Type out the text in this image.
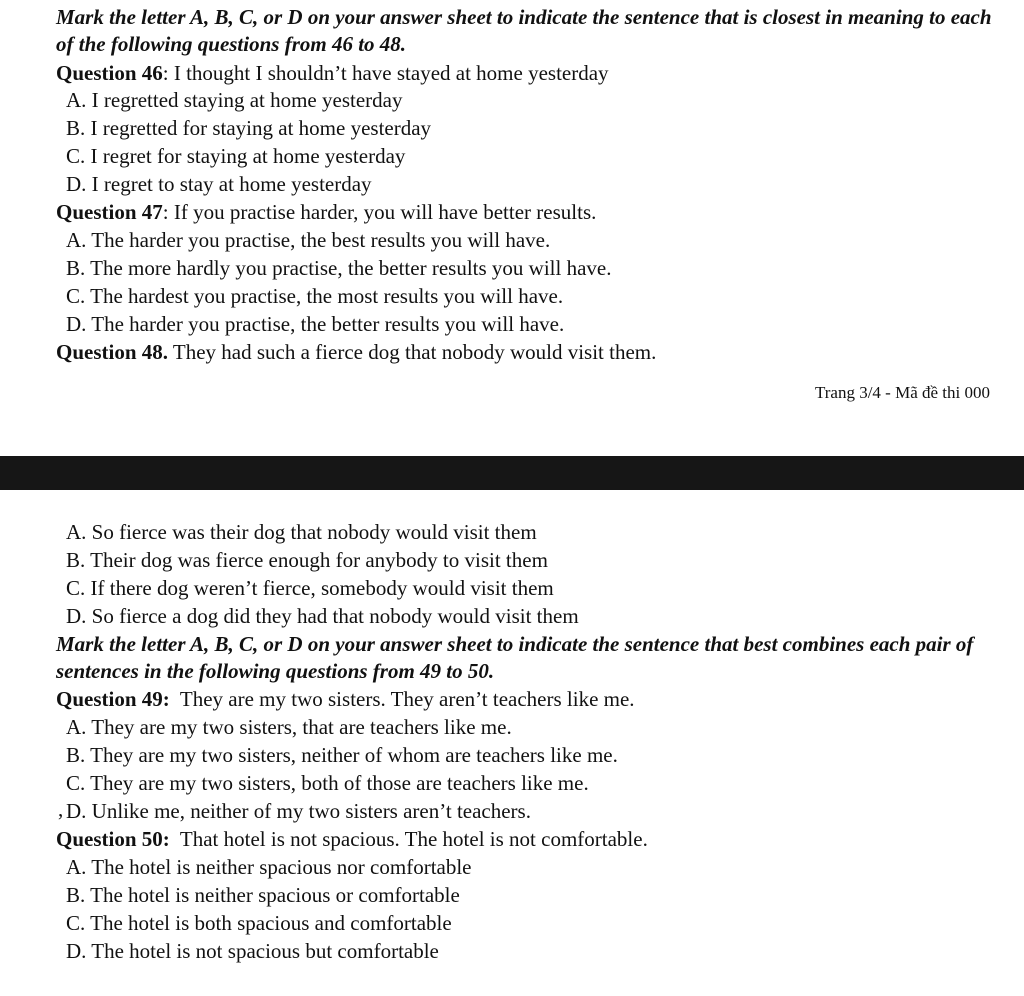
Mark the letter A, B, C, or D on your answer sheet to indicate the sentence that is closest in meaning to each of the following questions from 46 to 48.
Question 46: I thought I shouldn’t have stayed at home yesterday
A. I regretted staying at home yesterday
B. I regretted for staying at home yesterday
C. I regret for staying at home yesterday
D. I regret to stay at home yesterday
Question 47: If you practise harder, you will have better results.
A. The harder you practise, the best results you will have.
B. The more hardly you practise, the better results you will have.
C. The hardest you practise, the most results you will have.
D. The harder you practise, the better results you will have.
Question 48. They had such a fierce dog that nobody would visit them.
Trang 3/4 - Mã đề thi 000
A. So fierce was their dog that nobody would visit them
B. Their dog was fierce enough for anybody to visit them
C. If there dog weren’t fierce, somebody would visit them
D. So fierce a dog did they had that nobody would visit them
Mark the letter A, B, C, or D on your answer sheet to indicate the sentence that best combines each pair of sentences in the following questions from 49 to 50.
Question 49: They are my two sisters. They aren’t teachers like me.
A. They are my two sisters, that are teachers like me.
B. They are my two sisters, neither of whom are teachers like me.
C. They are my two sisters, both of those are teachers like me.
, D. Unlike me, neither of my two sisters aren’t teachers.
Question 50: That hotel is not spacious. The hotel is not comfortable.
A. The hotel is neither spacious nor comfortable
B. The hotel is neither spacious or comfortable
C. The hotel is both spacious and comfortable
D. The hotel is not spacious but comfortable
